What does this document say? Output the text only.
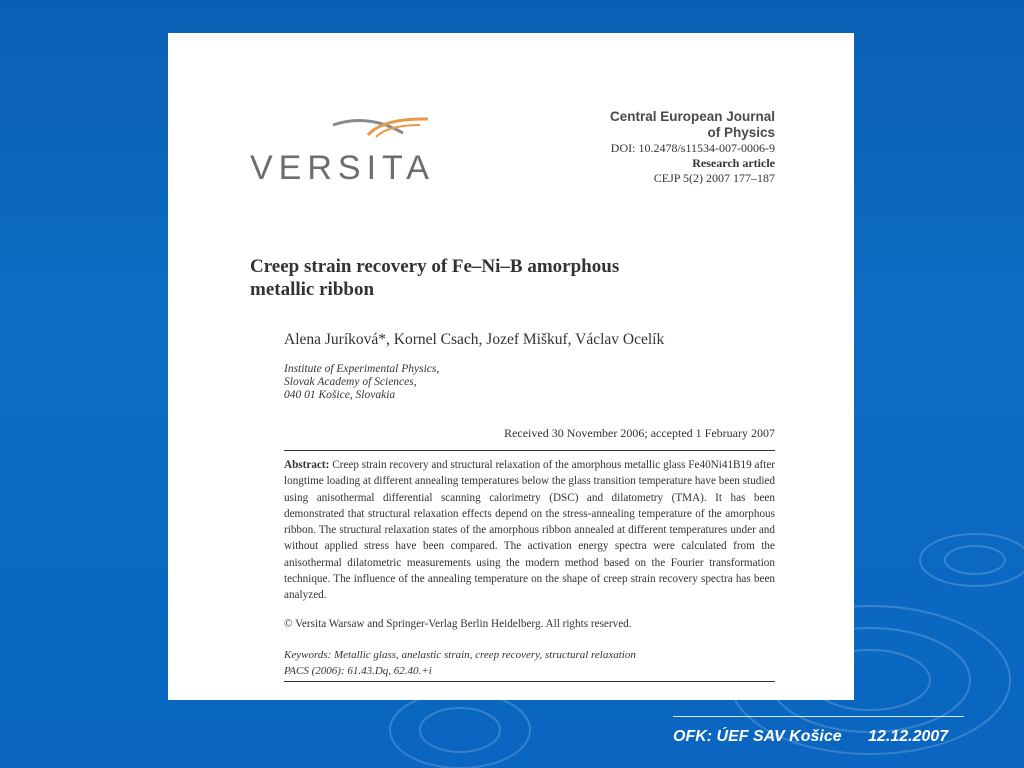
VERSITA
Central European Journal
of Physics
DOI: 10.2478/s11534-007-0006-9
Research article
CEJP 5(2) 2007 177–187
Creep strain recovery of Fe–Ni–B amorphous
metallic ribbon
Alena Juríková*, Kornel Csach, Jozef Miškuf, Václav Ocelík
Institute of Experimental Physics,
Slovak Academy of Sciences,
040 01 Košice, Slovakia
Received 30 November 2006; accepted 1 February 2007
Abstract: Creep strain recovery and structural relaxation of the amorphous metallic glass Fe40Ni41B19 after longtime loading at different annealing temperatures below the glass transition temperature have been studied using anisothermal differential scanning calorimetry (DSC) and dilatometry (TMA). It has been demonstrated that structural relaxation effects depend on the stress-annealing temperature of the amorphous ribbon. The structural relaxation states of the amorphous ribbon annealed at different temperatures under and without applied stress have been compared. The activation energy spectra were calculated from the anisothermal dilatometric measurements using the modern method based on the Fourier transformation technique. The influence of the annealing temperature on the shape of creep strain recovery spectra has been analyzed.
© Versita Warsaw and Springer-Verlag Berlin Heidelberg. All rights reserved.
Keywords: Metallic glass, anelastic strain, creep recovery, structural relaxation
PACS (2006): 61.43.Dq, 62.40.+i
OFK: ÚEF SAV Košice 12.12.2007
